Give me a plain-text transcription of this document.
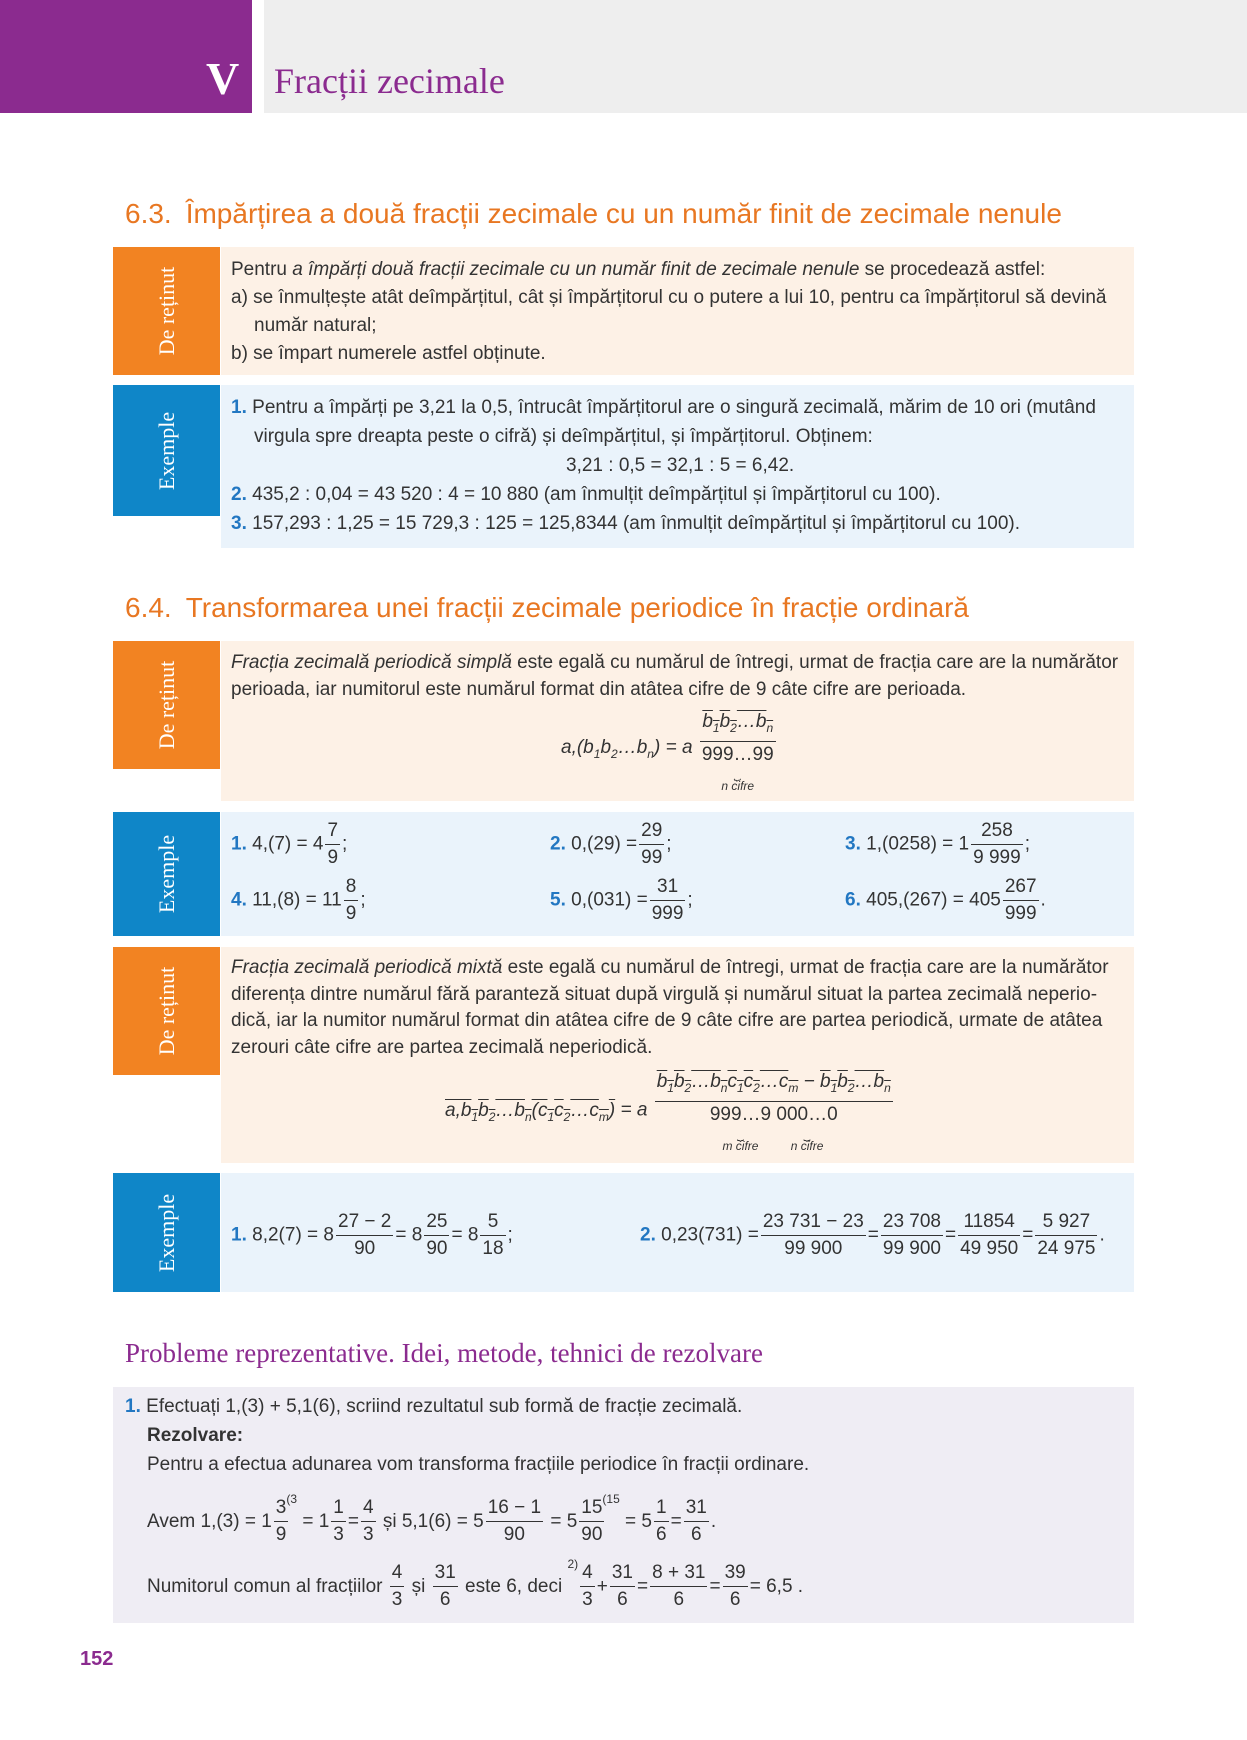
V Fracții zecimale
6.3. Împărțirea a două fracții zecimale cu un număr finit de zecimale nenule
De reținut	Pentru a împărți două fracții zecimale cu un număr finit de zecimale nenule se procedează astfel:
a) se înmulțește atât deîmpărțitul, cât și împărțitorul cu o putere a lui 10, pentru ca împărțitorul să devină
număr natural;
b) se împart numerele astfel obținute.
Exemple
1. Pentru a împărți pe 3,21 la 0,5, întrucât împărțitorul are o singură zecimală, mărim de 10 ori (mutând
virgula spre dreapta peste o cifră) și deîmpărțitul, și împărțitorul. Obținem:
3,21 : 0,5 = 32,1 : 5 = 6,42.
2. 435,2 : 0,04 = 43 520 : 4 = 10 880 (am înmulțit deîmpărțitul și împărțitorul cu 100).
3. 157,293 : 1,25 = 15 729,3 : 125 = 125,8344 (am înmulțit deîmpărțitul și împărțitorul cu 100).
6.4. Transformarea unei fracții zecimale periodice în fracție ordinară
De reținut	Fracția zecimală periodică simplă este egală cu numărul de întregi, urmat de fracția care are la numărător
perioada, iar numitorul este numărul format din atâtea cifre de 9 câte cifre are perioada.
$a,(b_1b_2\dots b_n) = a$
$b_1b_2\dots b_n$
999…99
⏟
n cifre
Exemple	1. $4,(7) = 4 \frac{7}{9}$ ;	2. $0,(29) = \frac{29}{99}$ ;	3. $1,(0258) = 1 \frac{258}{9 999}$ ;
4. $11,(8) = 11 \frac{8}{9}$ ;	5. $0,(031) = \frac{31}{999}$ ;	6. $405,(267) = 405 \frac{267}{999}$ .
De reținut	Fracția zecimală periodică mixtă este egală cu numărul de întregi, urmat de fracția care are la numărător
diferența dintre numărul fără paranteză situat după virgulă și numărul situat la partea zecimală neperio-
dică, iar la numitor numărul format din atâtea cifre de 9 câte cifre are partea periodică, urmate de atâtea
zerouri câte cifre are partea zecimală neperiodică.
$a,b_1b_2\dots b_n(c_1c_2\dots c_m) = a$ $b_1b_2\dots b_nc_1c_2\dots c_m$ − $b_1b_2\dots b_n$
999…9
⏟
m cifre
000…0
⏟
n cifre
Exemple	1. $8,2(7) = 8 \frac{27 - 2}{90} = 8 \frac{25}{90} = 8 \frac{5}{18}$ ;	2. $0,23(731) = \frac{23 731 - 23}{99 900} = \frac{23 708}{99 900} = \frac{11854}{49 950} = \frac{5 927}{24 975}$ .
Probleme reprezentative. Idei, metode, tehnici de rezolvare
1. Efectuați 1,(3) + 5,1(6), scriind rezultatul sub formă de fracție zecimală.
Rezolvare:
Pentru a efectua adunarea vom transforma fracțiile periodice în fracții ordinare.
Avem $1,(3) = 1 \frac{3}{9}$
$^{(3} = 1 \frac{1}{3} = \frac{4}{3}$ și $5,1(6) = 5 \frac{16 - 1}{90} = 5 \frac{15}{90}$
$^{(15} = 5 \frac{1}{6} = \frac{31}{6}$ .
Numitorul comun al fracțiilor $\frac{4}{3}$ și $\frac{31}{6}$ este 6, deci $^{2)} \frac{4}{3} + \frac{31}{6} = \frac{8 + 31}{6} = \frac{39}{6} = 6,5$ .
152
